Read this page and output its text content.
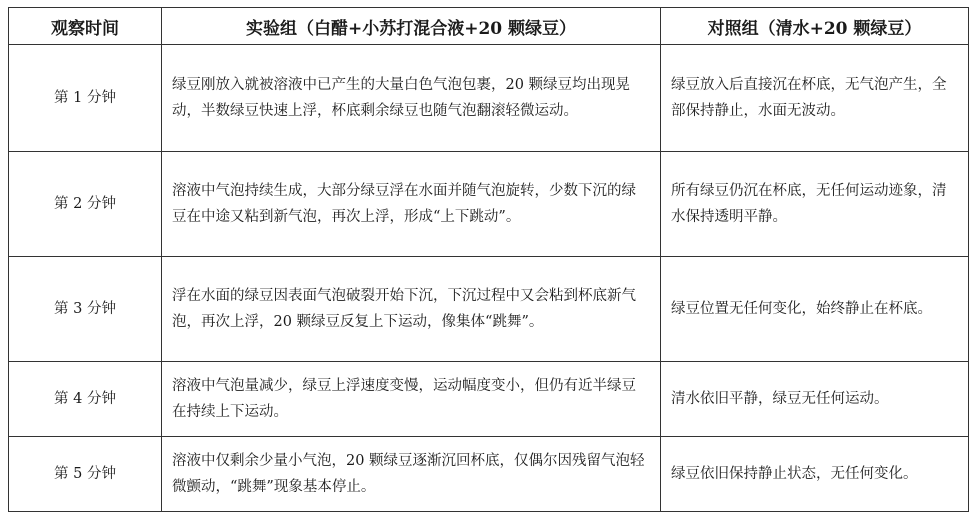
观察时间	实验组（白醋+小苏打混合液+20 颗绿豆）	对照组（清水+20 颗绿豆）
第 1 分钟	绿豆刚放入就被溶液中已产生的大量白色气泡包裹，20 颗绿豆均出现晃动，半数绿豆快速上浮，杯底剩余绿豆也随气泡翻滚轻微运动。	绿豆放入后直接沉在杯底，无气泡产生，全部保持静止，水面无波动。
第 2 分钟	溶液中气泡持续生成，大部分绿豆浮在水面并随气泡旋转，少数下沉的绿豆在中途又粘到新气泡，再次上浮，形成“上下跳动”。	所有绿豆仍沉在杯底，无任何运动迹象，清水保持透明平静。
第 3 分钟	浮在水面的绿豆因表面气泡破裂开始下沉，下沉过程中又会粘到杯底新气泡，再次上浮，20 颗绿豆反复上下运动，像集体“跳舞”。	绿豆位置无任何变化，始终静止在杯底。
第 4 分钟	溶液中气泡量减少，绿豆上浮速度变慢，运动幅度变小，但仍有近半绿豆在持续上下运动。	清水依旧平静，绿豆无任何运动。
第 5 分钟	溶液中仅剩余少量小气泡，20 颗绿豆逐渐沉回杯底，仅偶尔因残留气泡轻微颤动，“跳舞”现象基本停止。	绿豆依旧保持静止状态，无任何变化。
